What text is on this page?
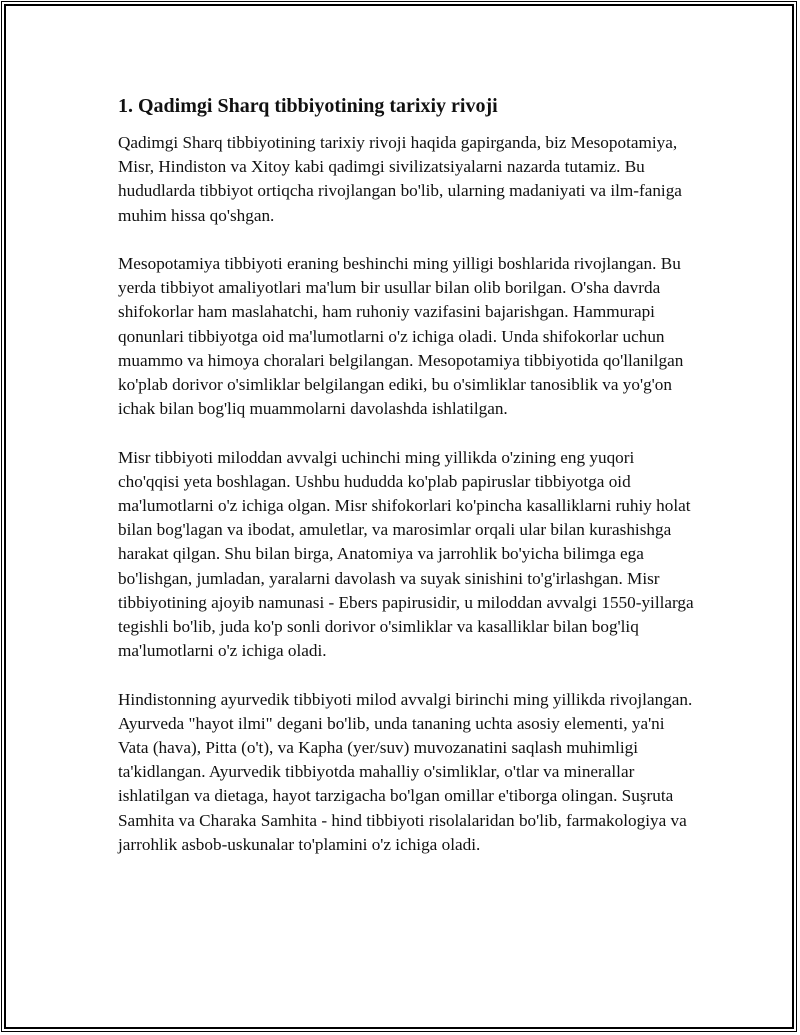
1. Qadimgi Sharq tibbiyotining tarixiy rivoji

Qadimgi Sharq tibbiyotining tarixiy rivoji haqida gapirganda, biz Mesopotamiya, Misr, Hindiston va Xitoy kabi qadimgi sivilizatsiyalarni nazarda tutamiz. Bu hududlarda tibbiyot ortiqcha rivojlangan bo'lib, ularning madaniyati va ilm-faniga muhim hissa qo'shgan.

Mesopotamiya tibbiyoti eraning beshinchi ming yilligi boshlarida rivojlangan. Bu yerda tibbiyot amaliyotlari ma'lum bir usullar bilan olib borilgan. O'sha davrda shifokorlar ham maslahatchi, ham ruhoniy vazifasini bajarishgan. Hammurapi qonunlari tibbiyotga oid ma'lumotlarni o'z ichiga oladi. Unda shifokorlar uchun muammo va himoya choralari belgilangan. Mesopotamiya tibbiyotida qo'llanilgan ko'plab dorivor o'simliklar belgilangan ediki, bu o'simliklar tanosiblik va yo'g'on ichak bilan bog'liq muammolarni davolashda ishlatilgan.

Misr tibbiyoti miloddan avvalgi uchinchi ming yillikda o'zining eng yuqori cho'qqisi yeta boshlagan. Ushbu hududda ko'plab papiruslar tibbiyotga oid ma'lumotlarni o'z ichiga olgan. Misr shifokorlari ko'pincha kasalliklarni ruhiy holat bilan bog'lagan va ibodat, amuletlar, va marosimlar orqali ular bilan kurashishga harakat qilgan. Shu bilan birga, Anatomiya va jarrohlik bo'yicha bilimga ega bo'lishgan, jumladan, yaralarni davolash va suyak sinishini to'g'irlashgan. Misr tibbiyotining ajoyib namunasi - Ebers papirusidir, u miloddan avvalgi 1550-yillarga tegishli bo'lib, juda ko'p sonli dorivor o'simliklar va kasalliklar bilan bog'liq ma'lumotlarni o'z ichiga oladi.

Hindistonning ayurvedik tibbiyoti milod avvalgi birinchi ming yillikda rivojlangan. Ayurveda "hayot ilmi" degani bo'lib, unda tananing uchta asosiy elementi, ya'ni Vata (hava), Pitta (o't), va Kapha (yer/suv) muvozanatini saqlash muhimligi ta'kidlangan. Ayurvedik tibbiyotda mahalliy o'simliklar, o'tlar va minerallar ishlatilgan va dietaga, hayot tarzigacha bo'lgan omillar e'tiborga olingan. Suşruta Samhita va Charaka Samhita - hind tibbiyoti risolalaridan bo'lib, farmakologiya va jarrohlik asbob-uskunalar to'plamini o'z ichiga oladi.
